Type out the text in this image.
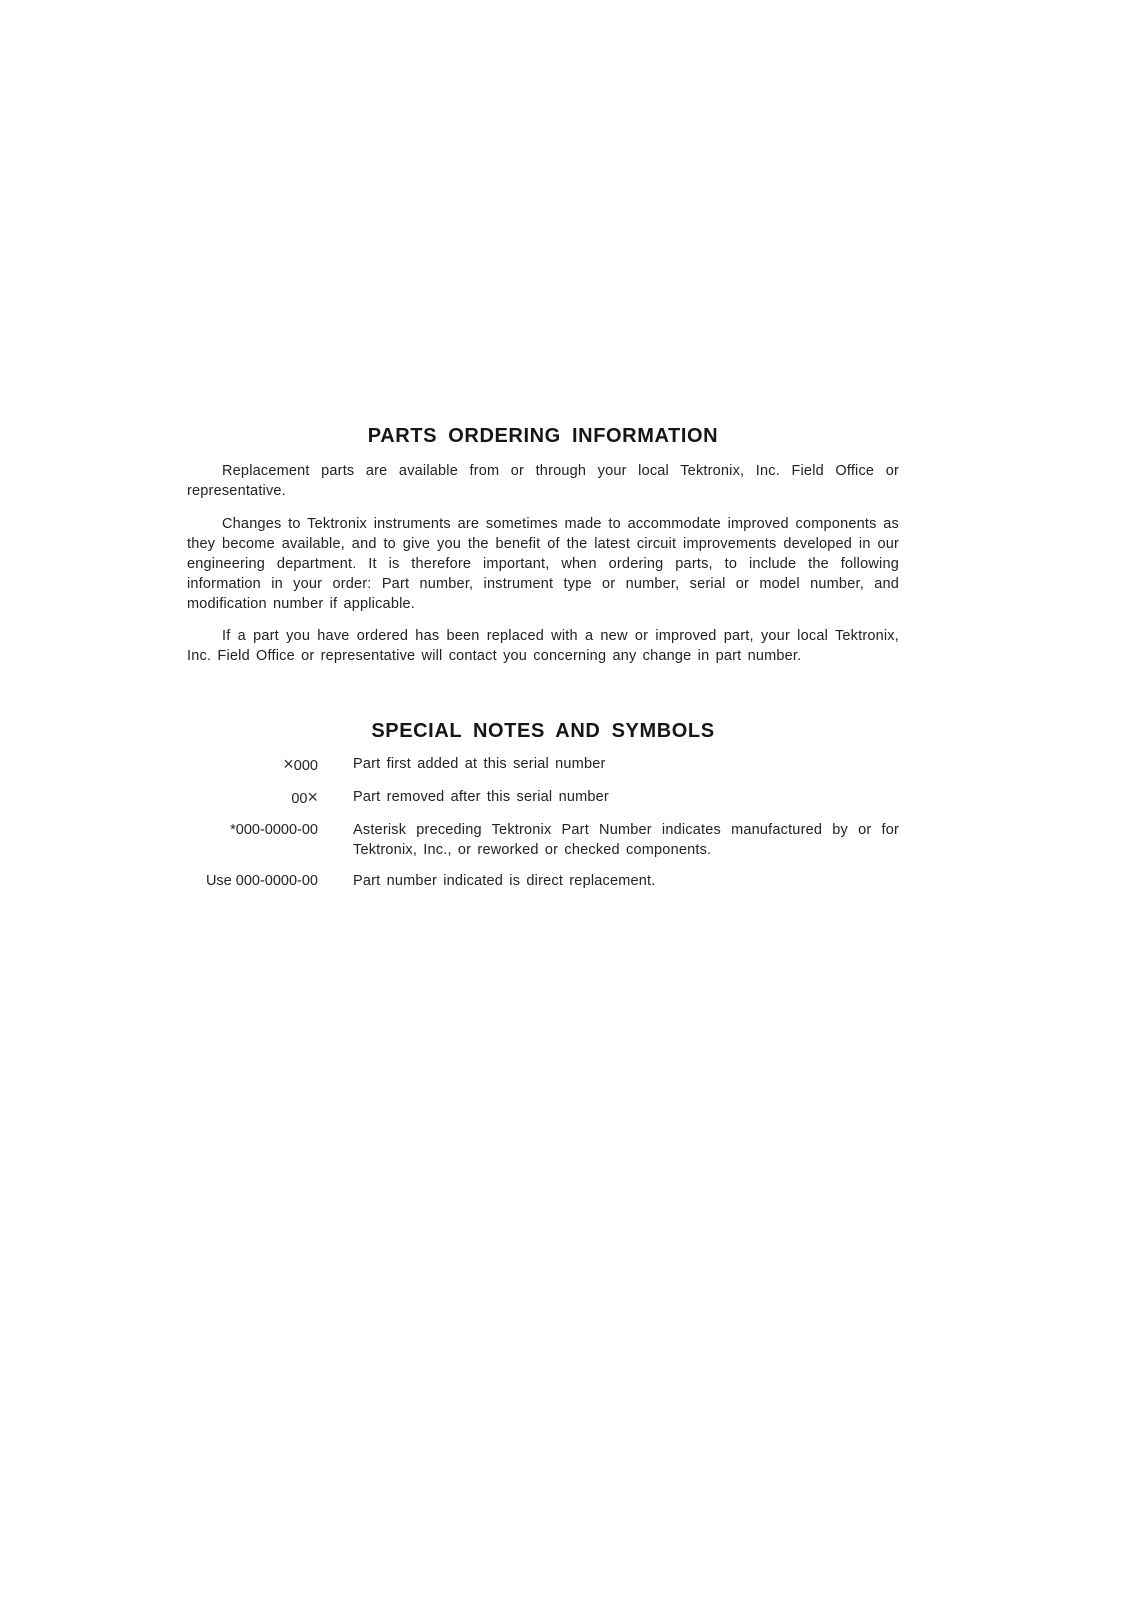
PARTS ORDERING INFORMATION

Replacement parts are available from or through your local Tektronix, Inc. Field Office or representative.

Changes to Tektronix instruments are sometimes made to accommodate improved components as they become available, and to give you the benefit of the latest circuit improvements developed in our engineering department. It is therefore important, when ordering parts, to include the following information in your order: Part number, instrument type or number, serial or model number, and modification number if applicable.

If a part you have ordered has been replaced with a new or improved part, your local Tektronix, Inc. Field Office or representative will contact you concerning any change in part number.

SPECIAL NOTES AND SYMBOLS
×000 Part first added at this serial number
00× Part removed after this serial number
*000-0000-00 Asterisk preceding Tektronix Part Number indicates manufactured by or for Tektronix, Inc., or reworked or checked components.
Use 000-0000-00 Part number indicated is direct replacement.
